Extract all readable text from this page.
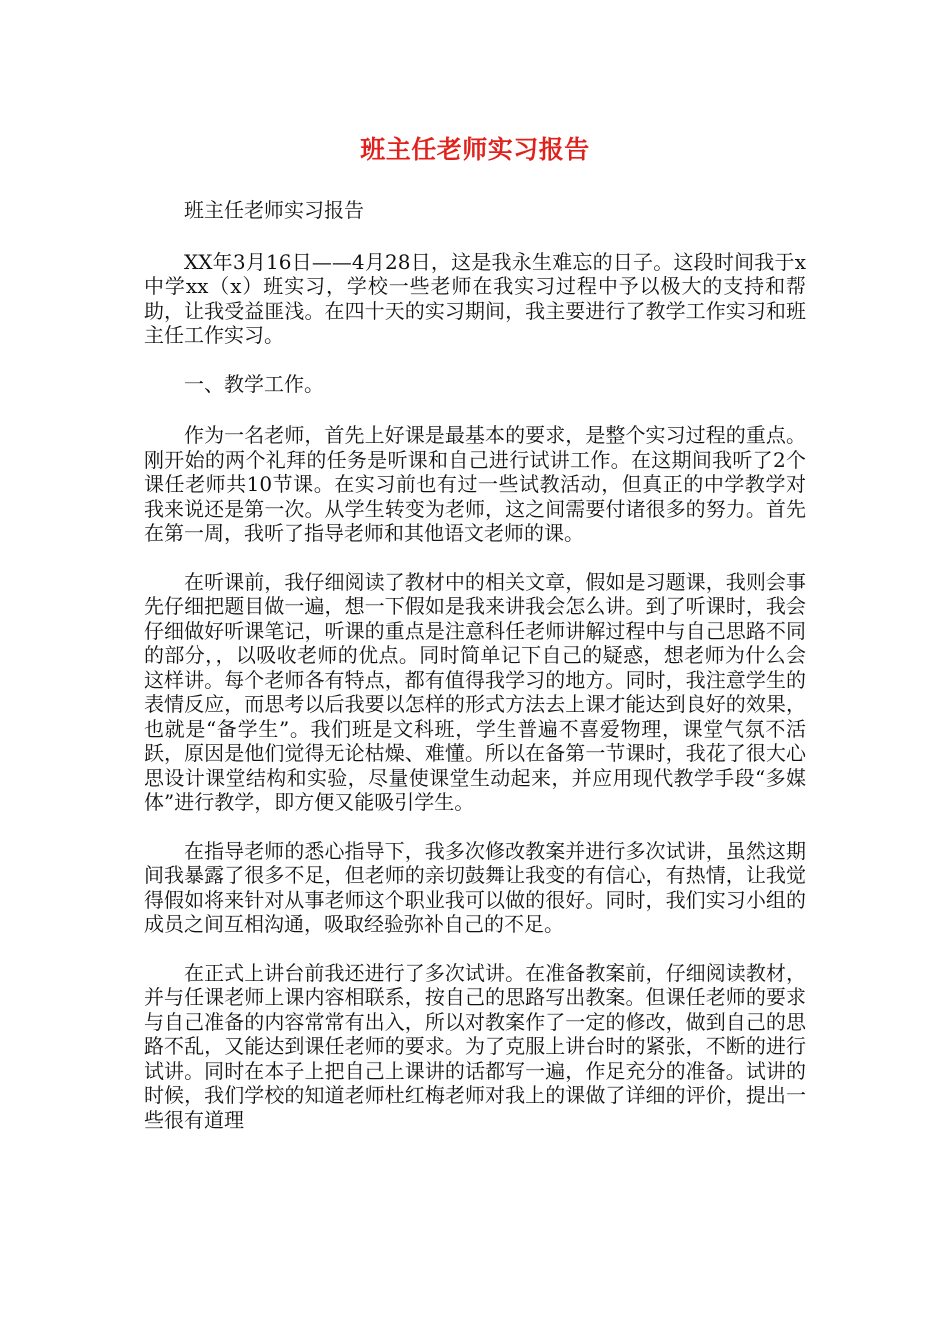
班主任老师实习报告

班主任老师实习报告

XX年3月16日——4月28日，这是我永生难忘的日子。这段时间我于x中学xx（x）班实习，学校一些老师在我实习过程中予以极大的支持和帮助，让我受益匪浅。在四十天的实习期间，我主要进行了教学工作实习和班主任工作实习。

一、教学工作。

作为一名老师，首先上好课是最基本的要求，是整个实习过程的重点。刚开始的两个礼拜的任务是听课和自己进行试讲工作。在这期间我听了2个课任老师共10节课。在实习前也有过一些试教活动，但真正的中学教学对我来说还是第一次。从学生转变为老师，这之间需要付诸很多的努力。首先在第一周，我听了指导老师和其他语文老师的课。

在听课前，我仔细阅读了教材中的相关文章，假如是习题课，我则会事先仔细把题目做一遍，想一下假如是我来讲我会怎么讲。到了听课时，我会仔细做好听课笔记，听课的重点是注意科任老师讲解过程中与自己思路不同的部分，，以吸收老师的优点。同时简单记下自己的疑惑，想老师为什么会这样讲。每个老师各有特点，都有值得我学习的地方。同时，我注意学生的表情反应，而思考以后我要以怎样的形式方法去上课才能达到良好的效果，也就是“备学生”。我们班是文科班，学生普遍不喜爱物理，课堂气氛不活跃，原因是他们觉得无论枯燥、难懂。所以在备第一节课时，我花了很大心思设计课堂结构和实验，尽量使课堂生动起来，并应用现代教学手段“多媒体”进行教学，即方便又能吸引学生。

在指导老师的悉心指导下，我多次修改教案并进行多次试讲，虽然这期间我暴露了很多不足，但老师的亲切鼓舞让我变的有信心，有热情，让我觉得假如将来针对从事老师这个职业我可以做的很好。同时，我们实习小组的成员之间互相沟通，吸取经验弥补自己的不足。

在正式上讲台前我还进行了多次试讲。在准备教案前，仔细阅读教材，并与任课老师上课内容相联系，按自己的思路写出教案。但课任老师的要求与自己准备的内容常常有出入，所以对教案作了一定的修改，做到自己的思路不乱，又能达到课任老师的要求。为了克服上讲台时的紧张，不断的进行试讲。同时在本子上把自己上课讲的话都写一遍，作足充分的准备。试讲的时候，我们学校的知道老师杜红梅老师对我上的课做了详细的评价，提出一些很有道理
